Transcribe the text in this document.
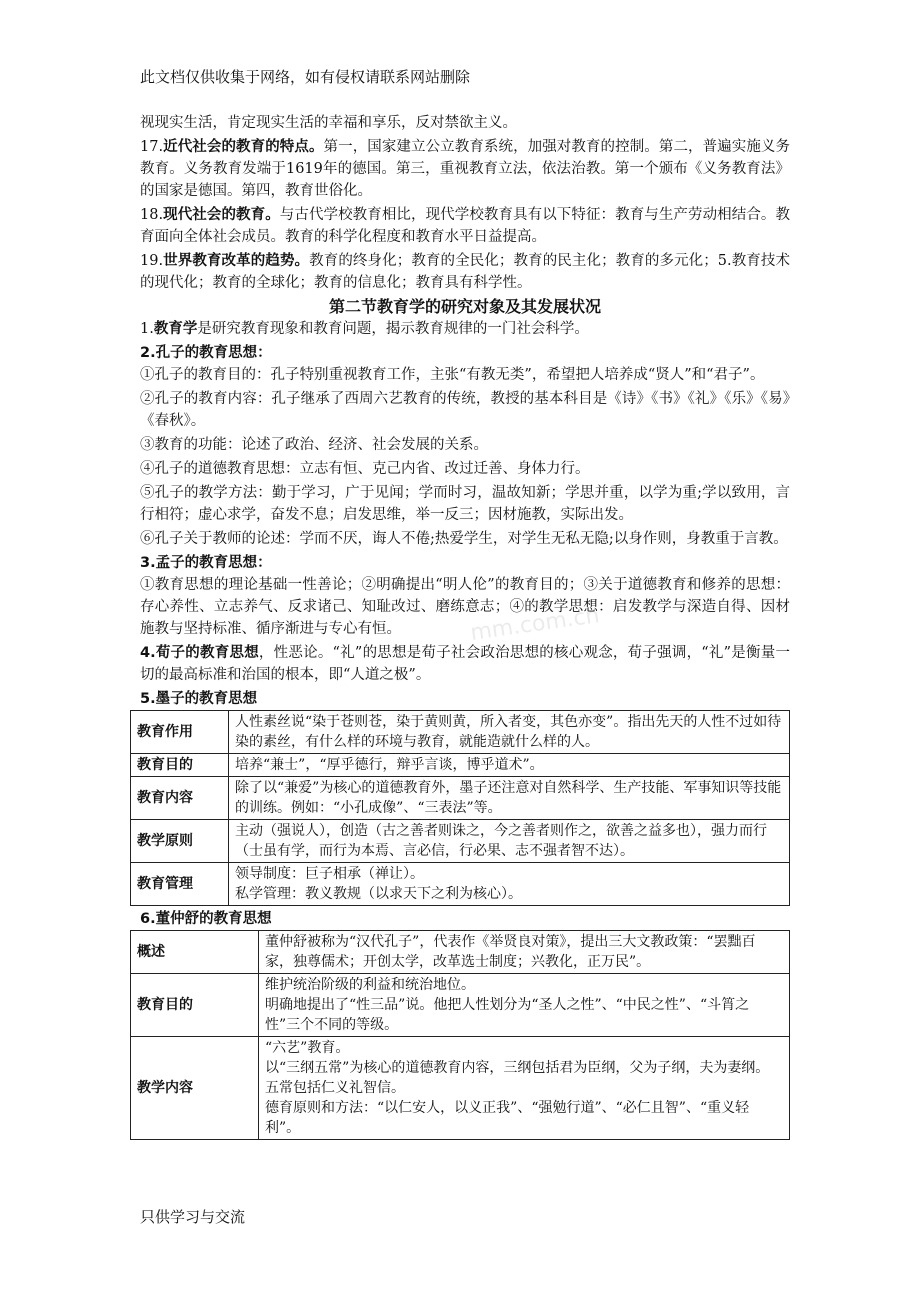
此文档仅供收集于网络，如有侵权请联系网站删除
mm.com.cn

视现实生活，肯定现实生活的幸福和享乐，反对禁欲主义。

17.近代社会的教育的特点。第一，国家建立公立教育系统，加强对教育的控制。第二，普遍实施义务教育。义务教育发端于1619年的德国。第三，重视教育立法，依法治教。第一个颁布《义务教育法》的国家是德国。第四，教育世俗化。

18.现代社会的教育。与古代学校教育相比，现代学校教育具有以下特征：教育与生产劳动相结合。教育面向全体社会成员。教育的科学化程度和教育水平日益提高。

19.世界教育改革的趋势。教育的终身化；教育的全民化；教育的民主化；教育的多元化；5.教育技术的现代化；教育的全球化；教育的信息化；教育具有科学性。

第二节教育学的研究对象及其发展状况

1.教育学是研究教育现象和教育问题，揭示教育规律的一门社会科学。

2.孔子的教育思想：

①孔子的教育目的：孔子特别重视教育工作，主张“有教无类”，希望把人培养成“贤人”和“君子”。

②孔子的教育内容：孔子继承了西周六艺教育的传统，教授的基本科目是《诗》《书》《礼》《乐》《易》《春秋》。

③教育的功能：论述了政治、经济、社会发展的关系。

④孔子的道德教育思想：立志有恒、克己内省、改过迁善、身体力行。

⑤孔子的教学方法：勤于学习，广于见闻；学而时习，温故知新；学思并重，以学为重;学以致用，言行相符；虚心求学，奋发不息；启发思维，举一反三；因材施教，实际出发。

⑥孔子关于教师的论述：学而不厌，诲人不倦;热爱学生，对学生无私无隐;以身作则，身教重于言教。

3.孟子的教育思想：

①教育思想的理论基础一性善论；②明确提出“明人伦”的教育目的；③关于道德教育和修养的思想：存心养性、立志养气、反求诸己、知耻改过、磨练意志；④的教学思想：启发教学与深造自得、因材施教与坚持标准、循序渐进与专心有恒。

4.荀子的教育思想，性恶论。“礼”的思想是荀子社会政治思想的核心观念，荀子强调，“礼”是衡量一切的最高标准和治国的根本，即“人道之极”。

5.墨子的教育思想
教育作用	人性素丝说“染于苍则苍，染于黄则黄，所入者变，其色亦变”。指出先天的人性不过如待染的素丝，有什么样的环境与教育，就能造就什么样的人。

教育目的	培养“兼士”，“厚乎德行，辩乎言谈，博乎道术”。

教育内容	除了以“兼爱”为核心的道德教育外，墨子还注意对自然科学、生产技能、军事知识等技能的训练。例如：“小孔成像”、“三表法”等。

教学原则	主动（强说人），创造（古之善者则诛之，今之善者则作之，欲善之益多也），强力而行（士虽有学，而行为本焉、言必信，行必果、志不强者智不达）。

教育管理	领导制度：巨子相承（禅让）。
私学管理：教义教规（以求天下之利为核心）。
6.董仲舒的教育思想
概述	董仲舒被称为“汉代孔子”，代表作《举贤良对策》，提出三大文教政策：“罢黜百家，独尊儒术；开创太学，改革选士制度；兴教化，正万民”。

教育目的	维护统治阶级的利益和统治地位。
明确地提出了“性三品”说。他把人性划分为“圣人之性”、“中民之性”、“斗筲之性”三个不同的等级。

教学内容	“六艺”教育。
以“三纲五常”为核心的道德教育内容，三纲包括君为臣纲，父为子纲，夫为妻纲。五常包括仁义礼智信。
德育原则和方法：“以仁安人，以义正我”、“强勉行道”、“必仁且智”、“重义轻利”。
只供学习与交流
